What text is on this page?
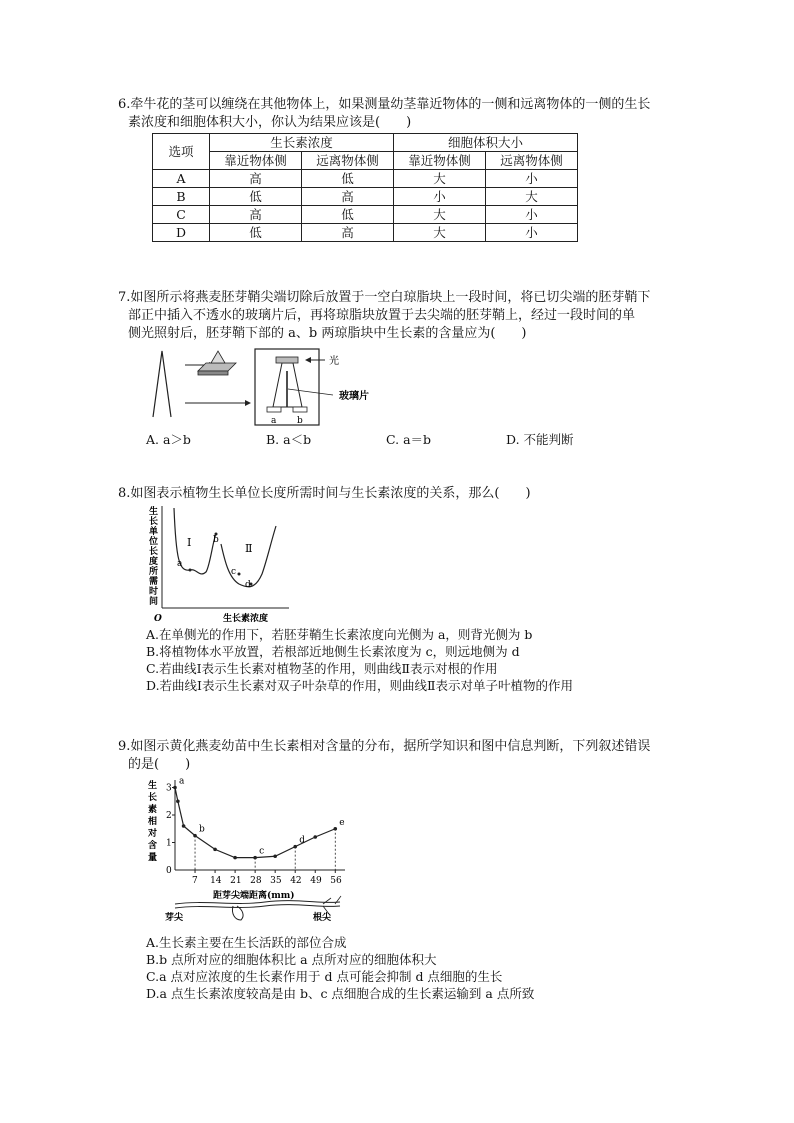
6.牵牛花的茎可以缠绕在其他物体上，如果测量幼茎靠近物体的一侧和远离物体的一侧的生长

素浓度和细胞体积大小，你认为结果应该是(　　)

选项	生长素浓度		细胞体积大小	
	靠近物体侧	远离物体侧	靠近物体侧	远离物体侧
A	高	低	大	小
B	低	高	小	大
C	高	低	大	小
D	低	高	大	小

7.如图所示将燕麦胚芽鞘尖端切除后放置于一空白琼脂块上一段时间，将已切尖端的胚芽鞘下

部正中插入不透水的玻璃片后，再将琼脂块放置于去尖端的胚芽鞘上，经过一段时间的单

侧光照射后，胚芽鞘下部的 a、b 两琼脂块中生长素的含量应为(　　)

a b
光
玻璃片
A. a＞b	B. a＜b	C. a＝b	D. 不能判断

8.如图表示植物生长单位长度所需时间与生长素浓度的关系，那么(　　)

生
长
单
位
长
度
所
需
时
间
O	生长素浓度
a
b
c
d
Ⅰ	Ⅱ

A.在单侧光的作用下，若胚芽鞘生长素浓度向光侧为 a，则背光侧为 b

B.将植物体水平放置，若根部近地侧生长素浓度为 c，则远地侧为 d

C.若曲线Ⅰ表示生长素对植物茎的作用，则曲线Ⅱ表示对根的作用

D.若曲线Ⅰ表示生长素对双子叶杂草的作用，则曲线Ⅱ表示对单子叶植物的作用

9.如图示黄化燕麦幼苗中生长素相对含量的分布，据所学知识和图中信息判断，下列叙述错误

的是(　　)

生
长
素
相
对
含
量
3
2
1
0
7 14 21 28 35 42 49 56
距芽尖端距离(mm)
a
b
c
d
e
芽尖	根尖

A.生长素主要在生长活跃的部位合成

B.b 点所对应的细胞体积比 a 点所对应的细胞体积大

C.a 点对应浓度的生长素作用于 d 点可能会抑制 d 点细胞的生长

D.a 点生长素浓度较高是由 b、c 点细胞合成的生长素运输到 a 点所致
